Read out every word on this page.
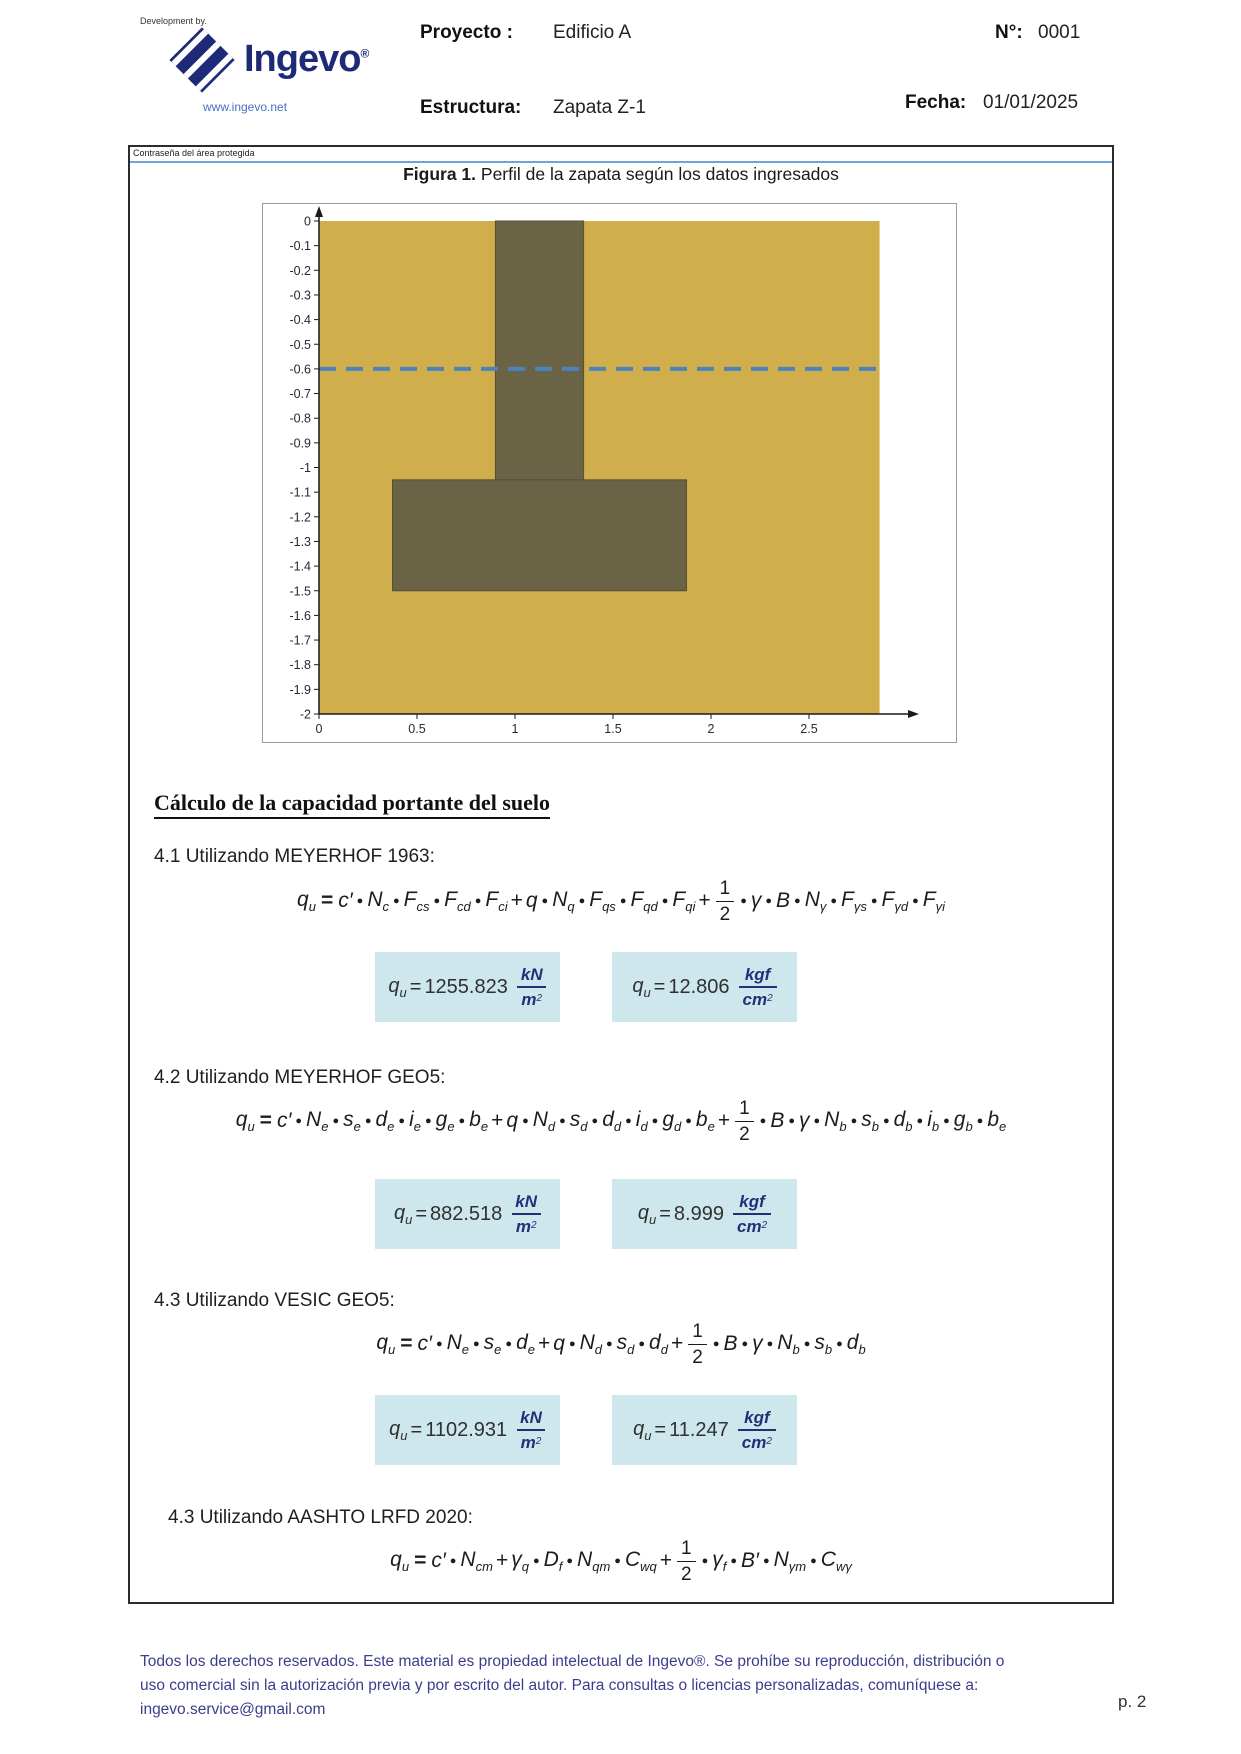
Development by.
Ingevo®
www.ingevo.net
Proyecto : Edificio A
Estructura: Zapata Z-1
N°: 0001
Fecha: 01/01/2025
Contraseña del área protegida
Figura 1. Perfil de la zapata según los datos ingresados
0
-0.1
-0.2
-0.3
-0.4
-0.5
-0.6
-0.7
-0.8
-0.9
-1
-1.1
-1.2
-1.3
-1.4
-1.5
-1.6
-1.7
-1.8
-1.9
-2
0	0.5	1	1.5	2	2.5
Cálculo de la capacidad portante del suelo
4.1 Utilizando MEYERHOF 1963:
$q_u = c'$ ● $N_c$ ● $F_{cs}$ ● $F_{cd}$ ● $F_{ci} + q$ ● $N_q$ ● $F_{qs}$ ● $F_{qd}$ ● $F_{qi} + \frac{1}{2}$ ● γ ● B ● $N_\gamma$ ● $F_{\gamma s}$ ● $F_{\gamma d}$ ● $F_{\gamma i}$
$q_u = 1255.823$
kN
$m^2$
$q_u = 12.806$
kgf
$cm^2$
4.2 Utilizando MEYERHOF GEO5:
$q_u = c'$ ● $N_e$ ● $s_e$ ● $d_e$ ● $i_e$ ● $g_e$ ● $b_e + q$ ● $N_d$ ● $s_d$ ● $d_d$ ● $i_d$ ● $g_d$ ● $b_e + \frac{1}{2}$ ● B ● γ ● $N_b$ ● $s_b$ ● $d_b$ ● $i_b$ ● $g_b$ ● $b_e$
$q_u = 882.518$
kN
$m^2$
$q_u = 8.999$
kgf
$cm^2$
4.3 Utilizando VESIC GEO5:
$q_u = c'$ ● $N_e$ ● $s_e$ ● $d_e + q$ ● $N_d$ ● $s_d$ ● $d_d + \frac{1}{2}$ ● B ● γ ● $N_b$ ● $s_b$ ● $d_b$
$q_u = 1102.931$
kN
$m^2$
$q_u = 11.247$
kgf
$cm^2$
4.3 Utilizando AASHTO LRFD 2020:
$q_u = c'$ ● $N_{cm} + \gamma_q$ ● $D_f$ ● $N_{qm}$ ● $C_{wq} + \frac{1}{2}$ ● $\gamma_f$ ● B′ ● $N_{\gamma m}$ ● $C_{w\gamma}$
Todos los derechos reservados. Este material es propiedad intelectual de Ingevo®. Se prohíbe su reproducción, distribución o
uso comercial sin la autorización previa y por escrito del autor. Para consultas o licencias personalizadas, comuníquese a:
ingevo.service@gmail.com	p. 2
